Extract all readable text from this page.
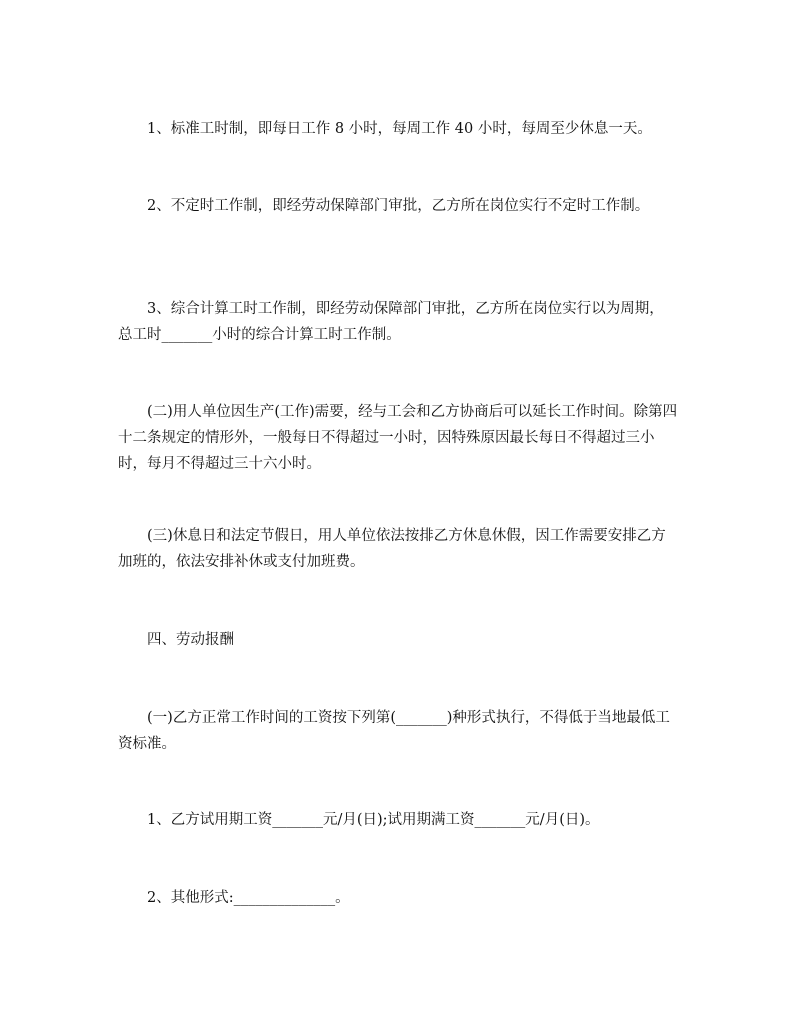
1、标准工时制，即每日工作 8 小时，每周工作 40 小时，每周至少休息一天。

2、不定时工作制，即经劳动保障部门审批，乙方所在岗位实行不定时工作制。

3、综合计算工时工作制，即经劳动保障部门审批，乙方所在岗位实行以为周期，总工时_______小时的综合计算工时工作制。

(二)用人单位因生产(工作)需要，经与工会和乙方协商后可以延长工作时间。除第四十二条规定的情形外，一般每日不得超过一小时，因特殊原因最长每日不得超过三小时，每月不得超过三十六小时。

(三)休息日和法定节假日，用人单位依法按排乙方休息休假，因工作需要安排乙方加班的，依法安排补休或支付加班费。

四、劳动报酬

(一)乙方正常工作时间的工资按下列第(_______)种形式执行，不得低于当地最低工资标准。

1、乙方试用期工资_______元/月(日);试用期满工资_______元/月(日)。

2、其他形式:______________。
